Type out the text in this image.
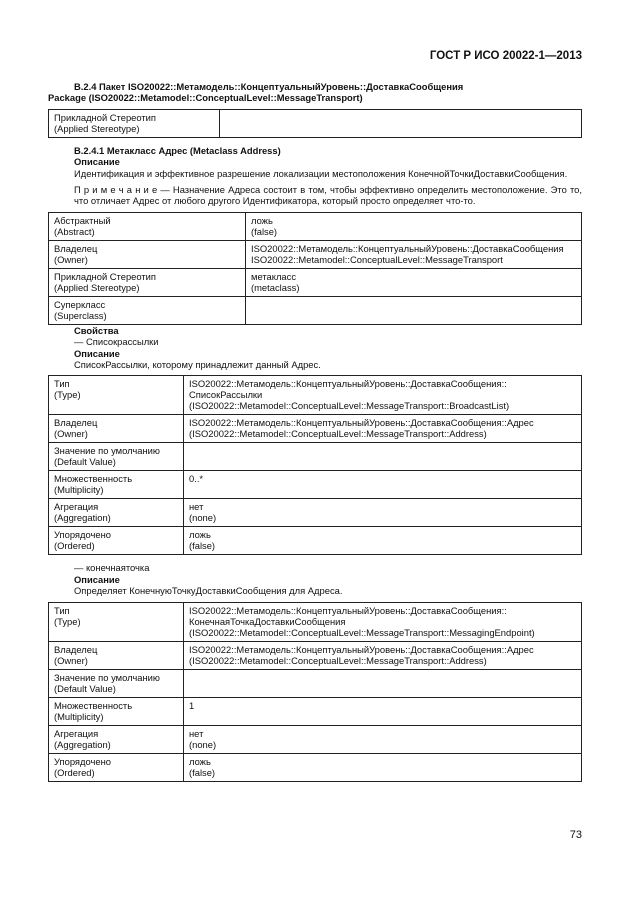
ГОСТ Р ИСО 20022-1—2013
B.2.4 Пакет ISO20022::Метамодель::КонцептуальныйУровень::ДоставкаСообщения
Package (ISO20022::Metamodel::ConceptualLevel::MessageTransport)
Прикладной Стереотип
(Applied Stereotype)

B.2.4.1 Метакласс Адрес (Metaclass Address)
Описание
Идентификация и эффективное разрешение локализации местоположения КонечнойТочкиДоставкиСообщения.
П р и м е ч а н и е — Назначение Адреса состоит в том, чтобы эффективно определить местоположение. Это то, что отличает Адрес от любого другого Идентификатора, который просто определяет что-то.
Абстрактный
(Abstract)	ложь
(false)

Владелец
(Owner)	ISO20022::Метамодель::КонцептуальныйУровень::ДоставкаСообщения
ISO20022::Metamodel::ConceptualLevel::MessageTransport

Прикладной Стереотип
(Applied Stereotype)	метакласс
(metaclass)

Суперкласс
(Superclass)	

Свойства
— Списокрассылки
Описание
СписокРассылки, которому принадлежит данный Адрес.
Тип
(Type)	ISO20022::Метамодель::КонцептуальныйУровень::ДоставкаСообщения::
СписокРассылки
(ISO20022::Metamodel::ConceptualLevel::MessageTransport::BroadcastList)

Владелец
(Owner)	ISO20022::Метамодель::КонцептуальныйУровень::ДоставкаСообщения::Адрес
(ISO20022::Metamodel::ConceptualLevel::MessageTransport::Address)

Значение по умолчанию
(Default Value)	

Множественность
(Multiplicity)	0..*

Агрегация
(Aggregation)	нет
(none)

Упорядочено
(Ordered)	ложь
(false)
— конечнаяточка
Описание
Определяет КонечнуюТочкуДоставкиСообщения для Адреса.
Тип
(Type)	ISO20022::Метамодель::КонцептуальныйУровень::ДоставкаСообщения::
КонечнаяТочкаДоставкиСообщения
(ISO20022::Metamodel::ConceptualLevel::MessageTransport::MessagingEndpoint)

Владелец
(Owner)	ISO20022::Метамодель::КонцептуальныйУровень::ДоставкаСообщения::Адрес
(ISO20022::Metamodel::ConceptualLevel::MessageTransport::Address)

Значение по умолчанию
(Default Value)	

Множественность
(Multiplicity)	1

Агрегация
(Aggregation)	нет
(none)

Упорядочено
(Ordered)	ложь
(false)
73
